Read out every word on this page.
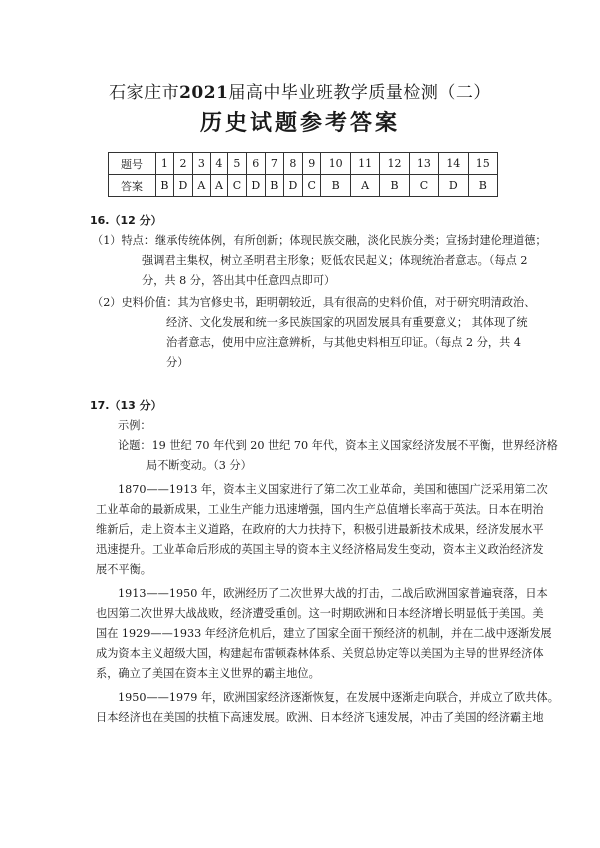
石家庄市2021届高中毕业班教学质量检测（二）
历史试题参考答案
题号	1	2	3	4	5	6	7	8	9	10	11	12	13	14	15
答案	B	D	A	A	C	D	B	D	C	B	A	B	C	D	B
16.（12 分）
（1）特点：继承传统体例，有所创新；体现民族交融，淡化民族分类；宣扬封建伦理道德；
强调君主集权，树立圣明君主形象；贬低农民起义；体现统治者意志。（每点 2
分，共 8 分，答出其中任意四点即可）
（2）史料价值：其为官修史书，距明朝较近，具有很高的史料价值，对于研究明清政治、
经济、文化发展和统一多民族国家的巩固发展具有重要意义； 其体现了统
治者意志，使用中应注意辨析，与其他史料相互印证。（每点 2 分，共 4
分）
17.（13 分）
示例：
论题：19 世纪 70 年代到 20 世纪 70 年代，资本主义国家经济发展不平衡，世界经济格
局不断变动。（3 分）
1870——1913 年，资本主义国家进行了第二次工业革命，美国和德国广泛采用第二次
工业革命的最新成果，工业生产能力迅速增强，国内生产总值增长率高于英法。日本在明治
维新后，走上资本主义道路，在政府的大力扶持下，积极引进最新技术成果，经济发展水平
迅速提升。工业革命后形成的英国主导的资本主义经济格局发生变动，资本主义政治经济发
展不平衡。
1913——1950 年，欧洲经历了二次世界大战的打击，二战后欧洲国家普遍衰落，日本
也因第二次世界大战战败，经济遭受重创。这一时期欧洲和日本经济增长明显低于美国。美
国在 1929——1933 年经济危机后，建立了国家全面干预经济的机制，并在二战中逐渐发展
成为资本主义超级大国，构建起布雷顿森林体系、关贸总协定等以美国为主导的世界经济体
系，确立了美国在资本主义世界的霸主地位。
1950——1979 年，欧洲国家经济逐渐恢复，在发展中逐渐走向联合，并成立了欧共体。
日本经济也在美国的扶植下高速发展。欧洲、日本经济飞速发展，冲击了美国的经济霸主地
